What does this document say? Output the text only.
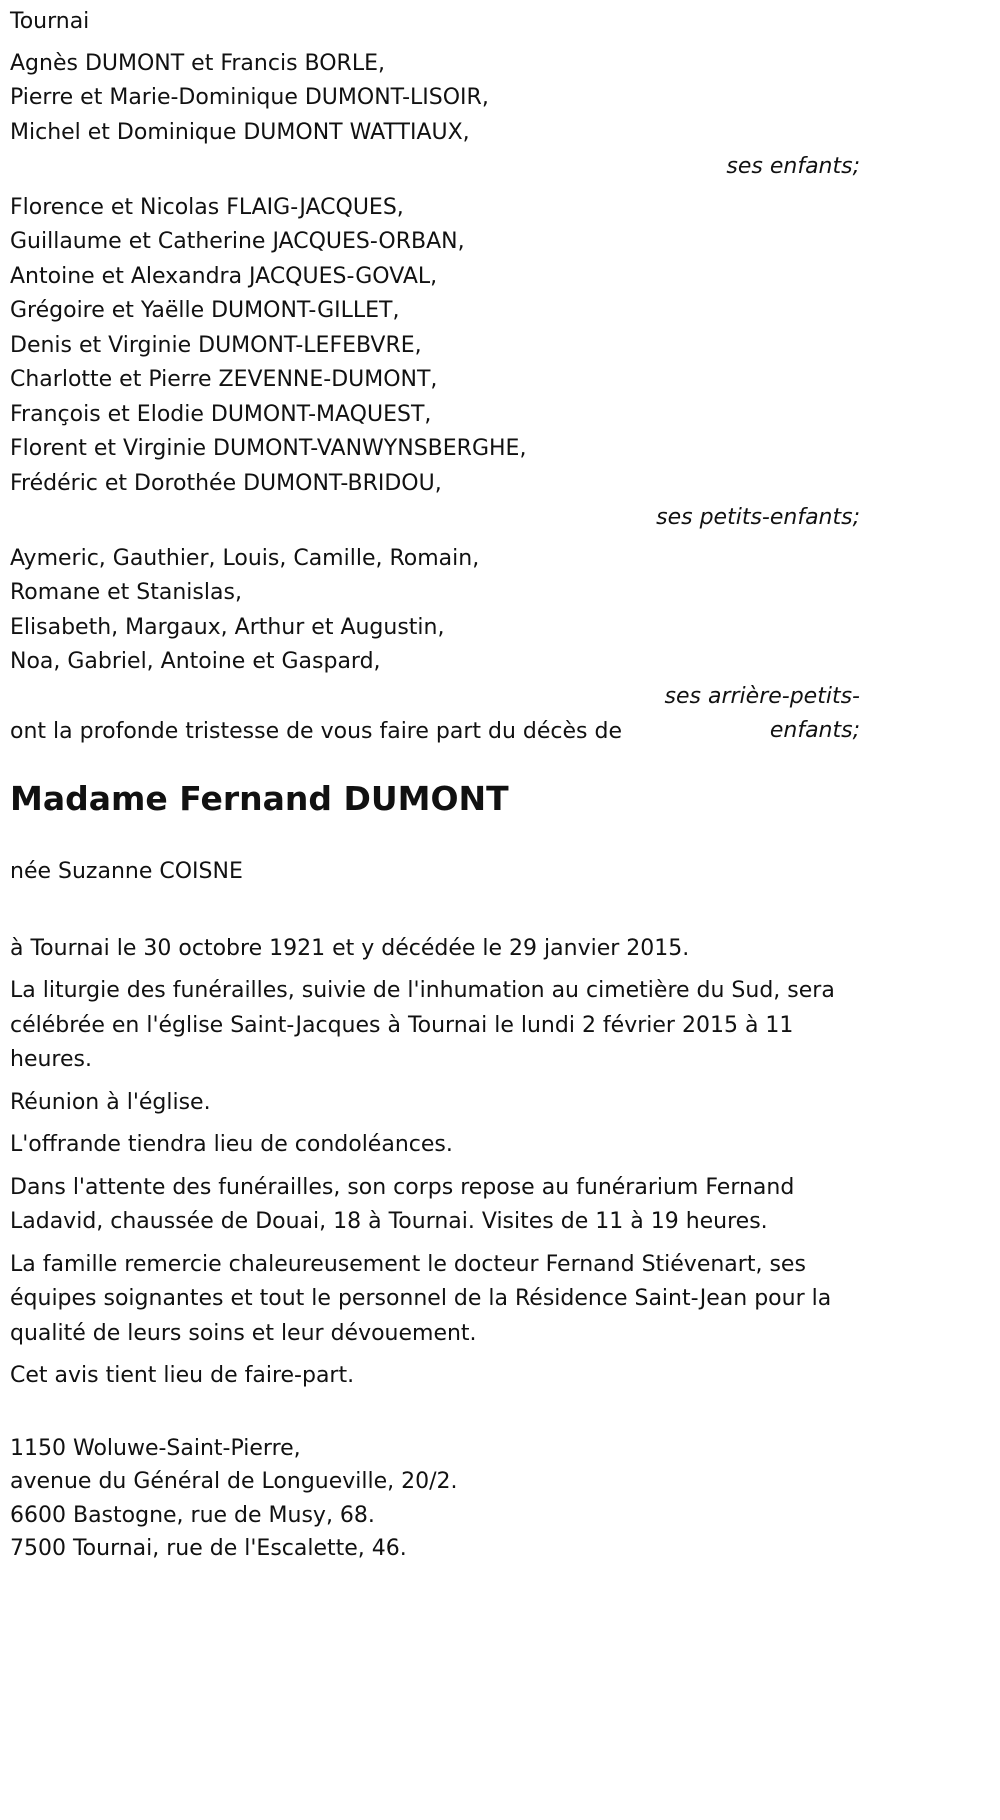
Tournai
Agnès DUMONT et Francis BORLE,
Pierre et Marie-Dominique DUMONT-LISOIR,
Michel et Dominique DUMONT WATTIAUX,
ses enfants;
Florence et Nicolas FLAIG-JACQUES,
Guillaume et Catherine JACQUES-ORBAN,
Antoine et Alexandra JACQUES-GOVAL,
Grégoire et Yaëlle DUMONT-GILLET,
Denis et Virginie DUMONT-LEFEBVRE,
Charlotte et Pierre ZEVENNE-DUMONT,
François et Elodie DUMONT-MAQUEST,
Florent et Virginie DUMONT-VANWYNSBERGHE,
Frédéric et Dorothée DUMONT-BRIDOU,
ses petits-enfants;
Aymeric, Gauthier, Louis, Camille, Romain,
Romane et Stanislas,
Elisabeth, Margaux, Arthur et Augustin,
Noa, Gabriel, Antoine et Gaspard,
ses arrière-petits-enfants;
ont la profonde tristesse de vous faire part du décès de
Madame Fernand DUMONT
née Suzanne COISNE
à Tournai le 30 octobre 1921 et y décédée le 29 janvier 2015.
La liturgie des funérailles, suivie de l'inhumation au cimetière du Sud, sera célébrée en l'église Saint-Jacques à Tournai le lundi 2 février 2015 à 11 heures.
Réunion à l'église.
L'offrande tiendra lieu de condoléances.
Dans l'attente des funérailles, son corps repose au funérarium Fernand Ladavid, chaussée de Douai, 18 à Tournai. Visites de 11 à 19 heures.
La famille remercie chaleureusement le docteur Fernand Stiévenart, ses équipes soignantes et tout le personnel de la Résidence Saint-Jean pour la qualité de leurs soins et leur dévouement.
Cet avis tient lieu de faire-part.
1150 Woluwe-Saint-Pierre,
avenue du Général de Longueville, 20/2.
6600 Bastogne, rue de Musy, 68.
7500 Tournai, rue de l'Escalette, 46.
